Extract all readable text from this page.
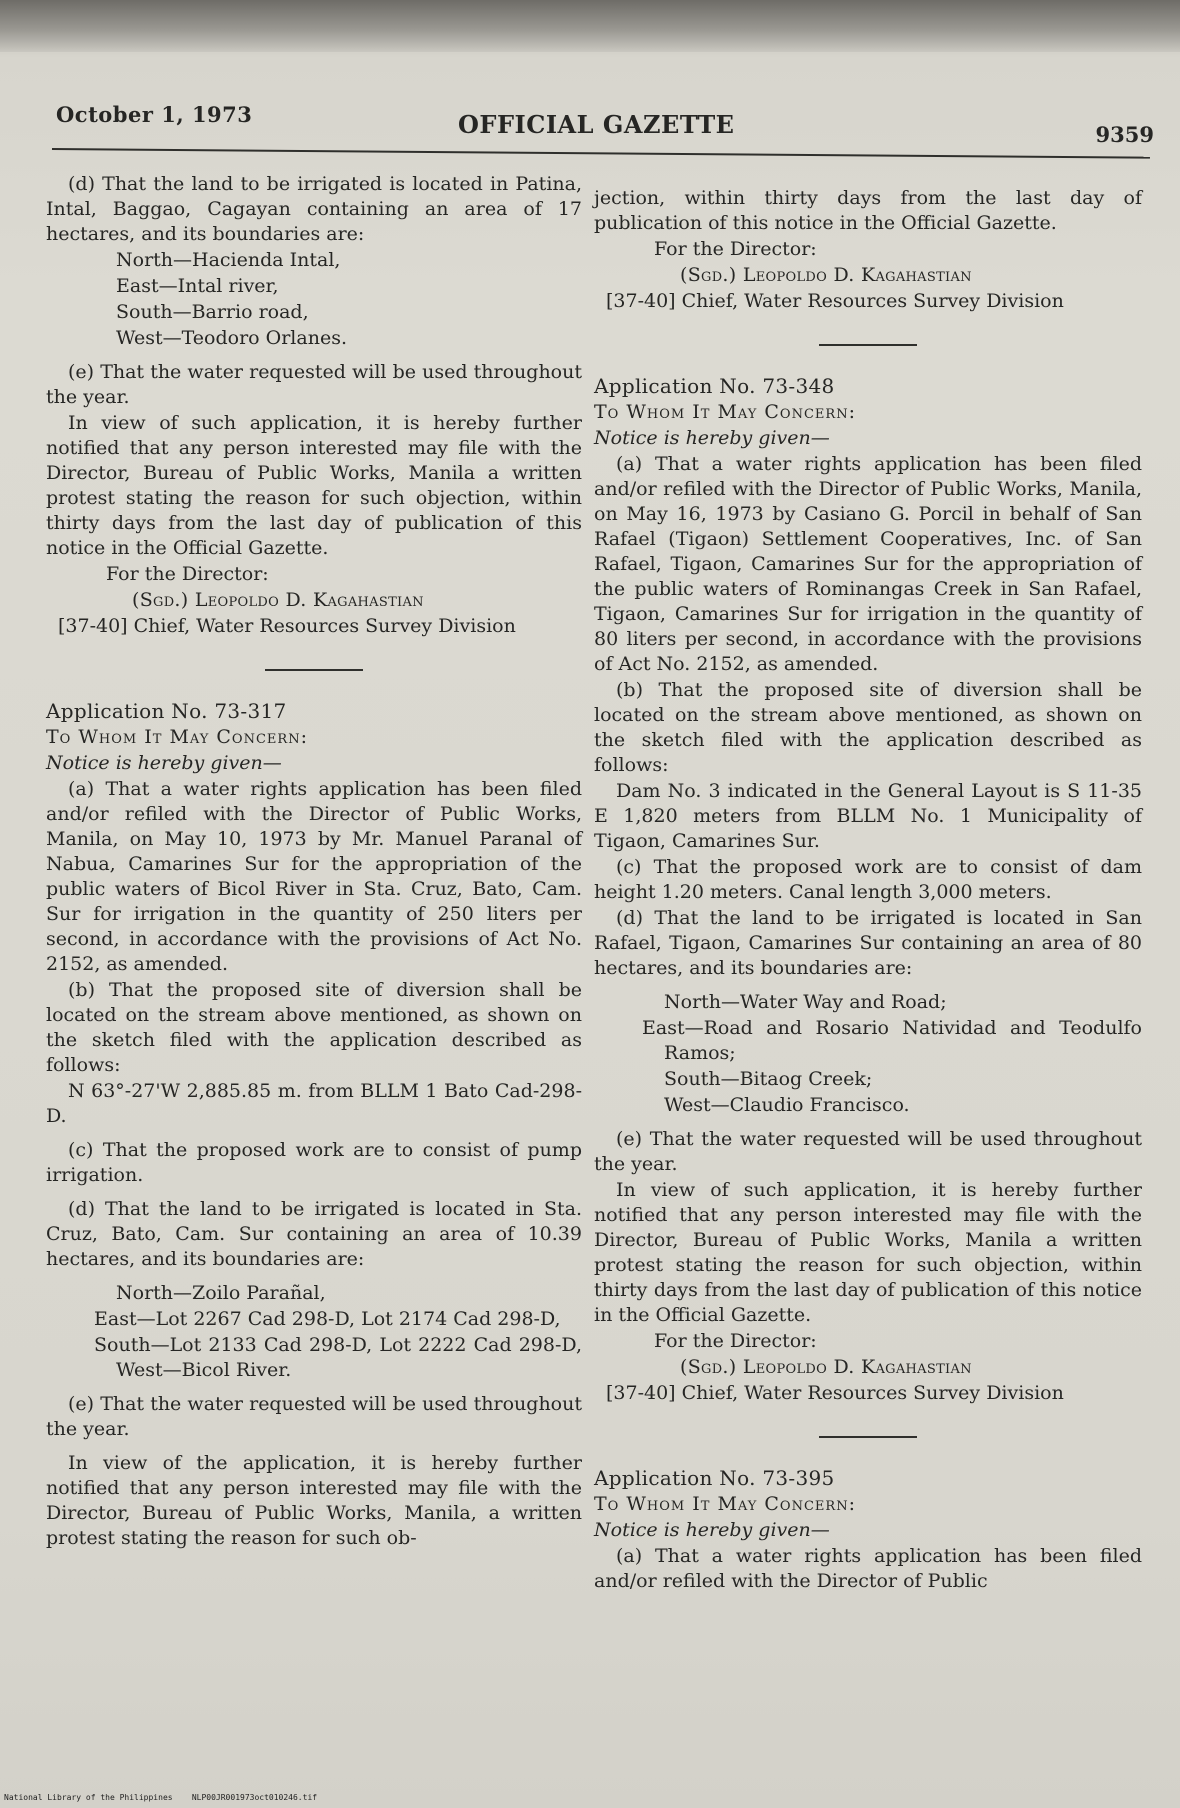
October 1, 1973	OFFICIAL GAZETTE	9359

(d) That the land to be irrigated is located in Patina, Intal, Baggao, Cagayan containing an area of 17 hectares, and its boundaries are:

North—Hacienda Intal,

East—Intal river,

South—Barrio road,

West—Teodoro Orlanes.

(e) That the water requested will be used throughout the year.

In view of such application, it is hereby further notified that any person interested may file with the Director, Bureau of Public Works, Manila a written protest stating the reason for such objection, within thirty days from the last day of publication of this notice in the Official Gazette.

For the Director:

(Sgd.) Leopoldo D. Kagahastian

[37-40] Chief, Water Resources Survey Division

Application No. 73-317

To Whom It May Concern:

Notice is hereby given—

(a) That a water rights application has been filed and/or refiled with the Director of Public Works, Manila, on May 10, 1973 by Mr. Manuel Paranal of Nabua, Camarines Sur for the appropriation of the public waters of Bicol River in Sta. Cruz, Bato, Cam. Sur for irrigation in the quantity of 250 liters per second, in accordance with the provisions of Act No. 2152, as amended.

(b) That the proposed site of diversion shall be located on the stream above mentioned, as shown on the sketch filed with the application described as follows:

N 63°-27'W 2,885.85 m. from BLLM 1 Bato Cad-298-D.

(c) That the proposed work are to consist of pump irrigation.

(d) That the land to be irrigated is located in Sta. Cruz, Bato, Cam. Sur containing an area of 10.39 hectares, and its boundaries are:

North—Zoilo Parañal,

East—Lot 2267 Cad 298-D, Lot 2174 Cad 298-D,

South—Lot 2133 Cad 298-D, Lot 2222 Cad 298-D, West—Bicol River.

(e) That the water requested will be used throughout the year.

In view of the application, it is hereby further notified that any person interested may file with the Director, Bureau of Public Works, Manila, a written protest stating the reason for such ob-

jection, within thirty days from the last day of publication of this notice in the Official Gazette.

For the Director:

(Sgd.) Leopoldo D. Kagahastian

[37-40] Chief, Water Resources Survey Division

Application No. 73-348

To Whom It May Concern:

Notice is hereby given—

(a) That a water rights application has been filed and/or refiled with the Director of Public Works, Manila, on May 16, 1973 by Casiano G. Porcil in behalf of San Rafael (Tigaon) Settlement Cooperatives, Inc. of San Rafael, Tigaon, Camarines Sur for the appropriation of the public waters of Rominangas Creek in San Rafael, Tigaon, Camarines Sur for irrigation in the quantity of 80 liters per second, in accordance with the provisions of Act No. 2152, as amended.

(b) That the proposed site of diversion shall be located on the stream above mentioned, as shown on the sketch filed with the application described as follows:

Dam No. 3 indicated in the General Layout is S 11-35 E 1,820 meters from BLLM No. 1 Municipality of Tigaon, Camarines Sur.

(c) That the proposed work are to consist of dam height 1.20 meters. Canal length 3,000 meters.

(d) That the land to be irrigated is located in San Rafael, Tigaon, Camarines Sur containing an area of 80 hectares, and its boundaries are:

North—Water Way and Road;

East—Road and Rosario Natividad and Teodulfo Ramos;

South—Bitaog Creek;

West—Claudio Francisco.

(e) That the water requested will be used throughout the year.

In view of such application, it is hereby further notified that any person interested may file with the Director, Bureau of Public Works, Manila a written protest stating the reason for such objection, within thirty days from the last day of publication of this notice in the Official Gazette.

For the Director:

(Sgd.) Leopoldo D. Kagahastian

[37-40] Chief, Water Resources Survey Division

Application No. 73-395

To Whom It May Concern:

Notice is hereby given—

(a) That a water rights application has been filed and/or refiled with the Director of Public

National Library of the Philippines NLP00JR001973oct010246.tif
